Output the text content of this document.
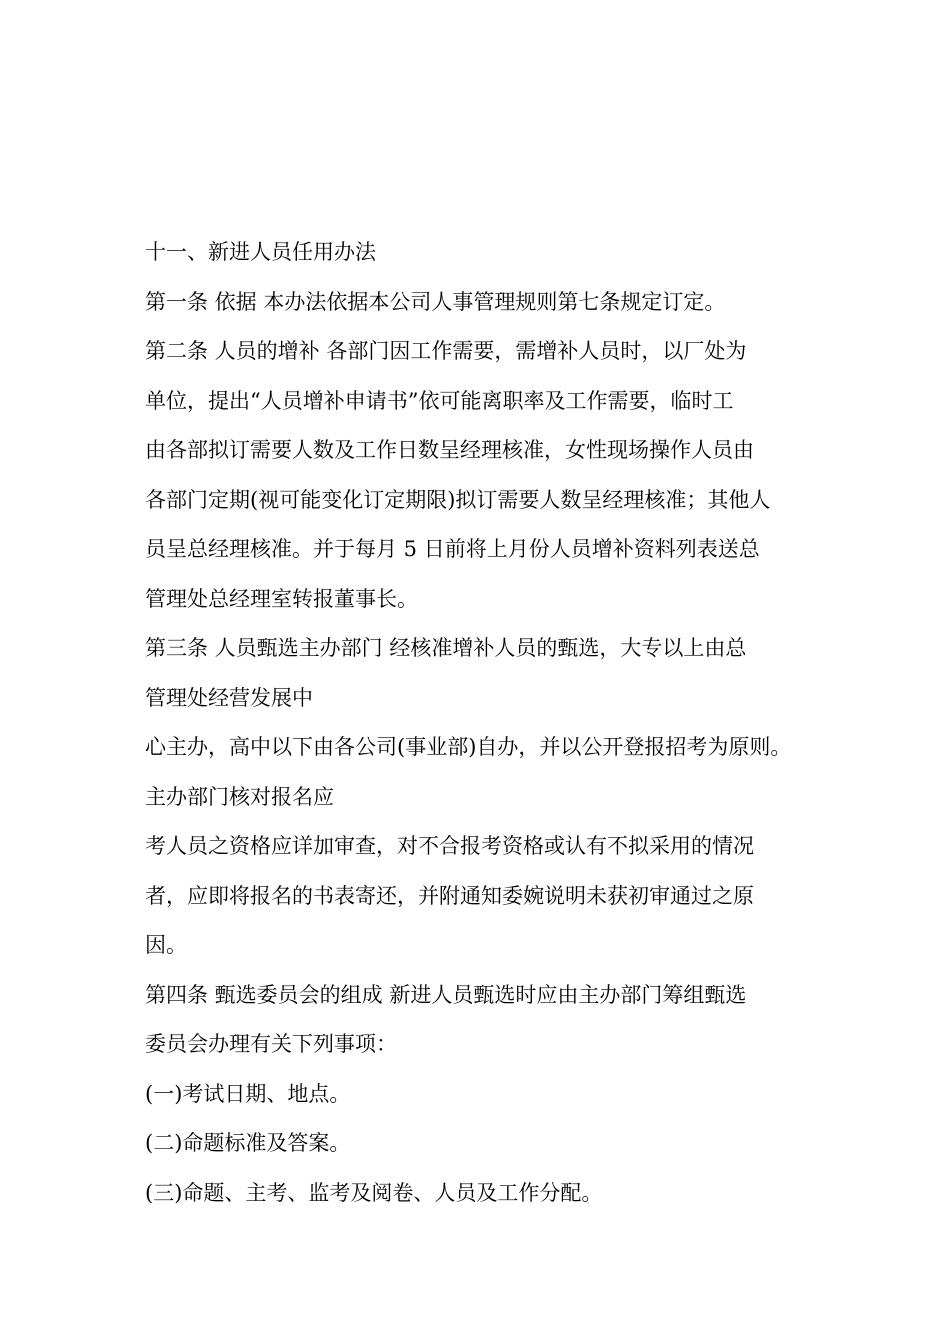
十一、新进人员任用办法
第一条 依据 本办法依据本公司人事管理规则第七条规定订定。
第二条 人员的增补 各部门因工作需要，需增补人员时，以厂处为
单位，提出“人员增补申请书”依可能离职率及工作需要，临时工
由各部拟订需要人数及工作日数呈经理核准，女性现场操作人员由
各部门定期(视可能变化订定期限)拟订需要人数呈经理核准；其他人
员呈总经理核准。并于每月 5 日前将上月份人员增补资料列表送总
管理处总经理室转报董事长。
第三条 人员甄选主办部门 经核准增补人员的甄选，大专以上由总
管理处经营发展中
心主办，高中以下由各公司(事业部)自办，并以公开登报招考为原则。
主办部门核对报名应
考人员之资格应详加审查，对不合报考资格或认有不拟采用的情况
者，应即将报名的书表寄还，并附通知委婉说明未获初审通过之原
因。
第四条 甄选委员会的组成 新进人员甄选时应由主办部门筹组甄选
委员会办理有关下列事项：
(一)考试日期、地点。
(二)命题标准及答案。
(三)命题、主考、监考及阅卷、人员及工作分配。
